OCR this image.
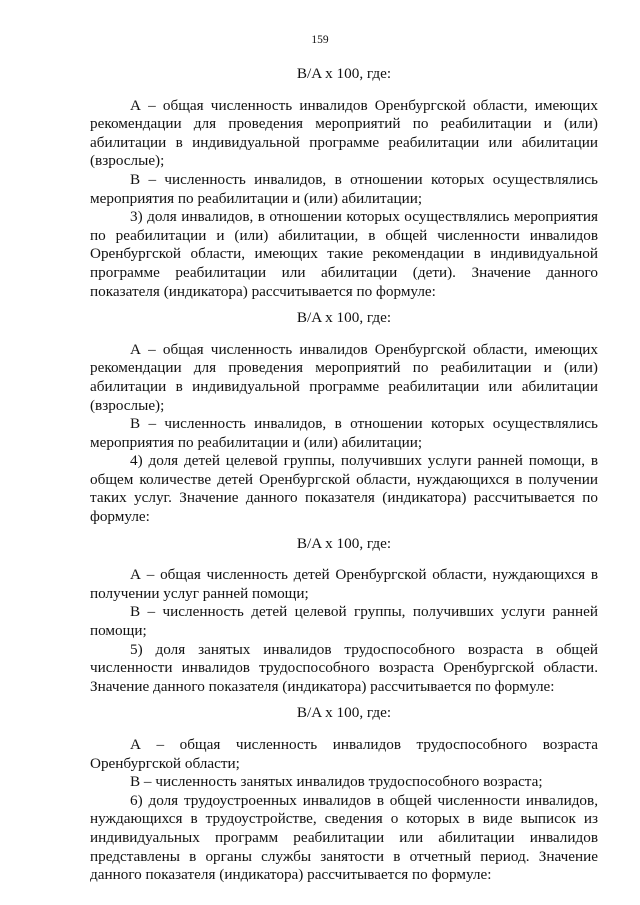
159
B/A x 100, где:

А – общая численность инвалидов Оренбургской области, имеющих рекомендации для проведения мероприятий по реабилитации и (или) абилитации в индивидуальной программе реабилитации или абилитации (взрослые);

В – численность инвалидов, в отношении которых осуществлялись мероприятия по реабилитации и (или) абилитации;

3) доля инвалидов, в отношении которых осуществлялись мероприятия по реабилитации и (или) абилитации, в общей численности инвалидов Оренбургской области, имеющих такие рекомендации в индивидуальной программе реабилитации или абилитации (дети). Значение данного показателя (индикатора) рассчитывается по формуле:

B/A x 100, где:

А – общая численность инвалидов Оренбургской области, имеющих рекомендации для проведения мероприятий по реабилитации и (или) абилитации в индивидуальной программе реабилитации или абилитации (взрослые);

В – численность инвалидов, в отношении которых осуществлялись мероприятия по реабилитации и (или) абилитации;

4) доля детей целевой группы, получивших услуги ранней помощи, в общем количестве детей Оренбургской области, нуждающихся в получении таких услуг. Значение данного показателя (индикатора) рассчитывается по формуле:

B/A x 100, где:

А – общая численность детей Оренбургской области, нуждающихся в получении услуг ранней помощи;

В – численность детей целевой группы, получивших услуги ранней помощи;

5) доля занятых инвалидов трудоспособного возраста в общей численности инвалидов трудоспособного возраста Оренбургской области. Значение данного показателя (индикатора) рассчитывается по формуле:

B/A x 100, где:

А – общая численность инвалидов трудоспособного возраста Оренбургской области;

В – численность занятых инвалидов трудоспособного возраста;

6) доля трудоустроенных инвалидов в общей численности инвалидов, нуждающихся в трудоустройстве, сведения о которых в виде выписок из индивидуальных программ реабилитации или абилитации инвалидов представлены в органы службы занятости в отчетный период. Значение данного показателя (индикатора) рассчитывается по формуле:
